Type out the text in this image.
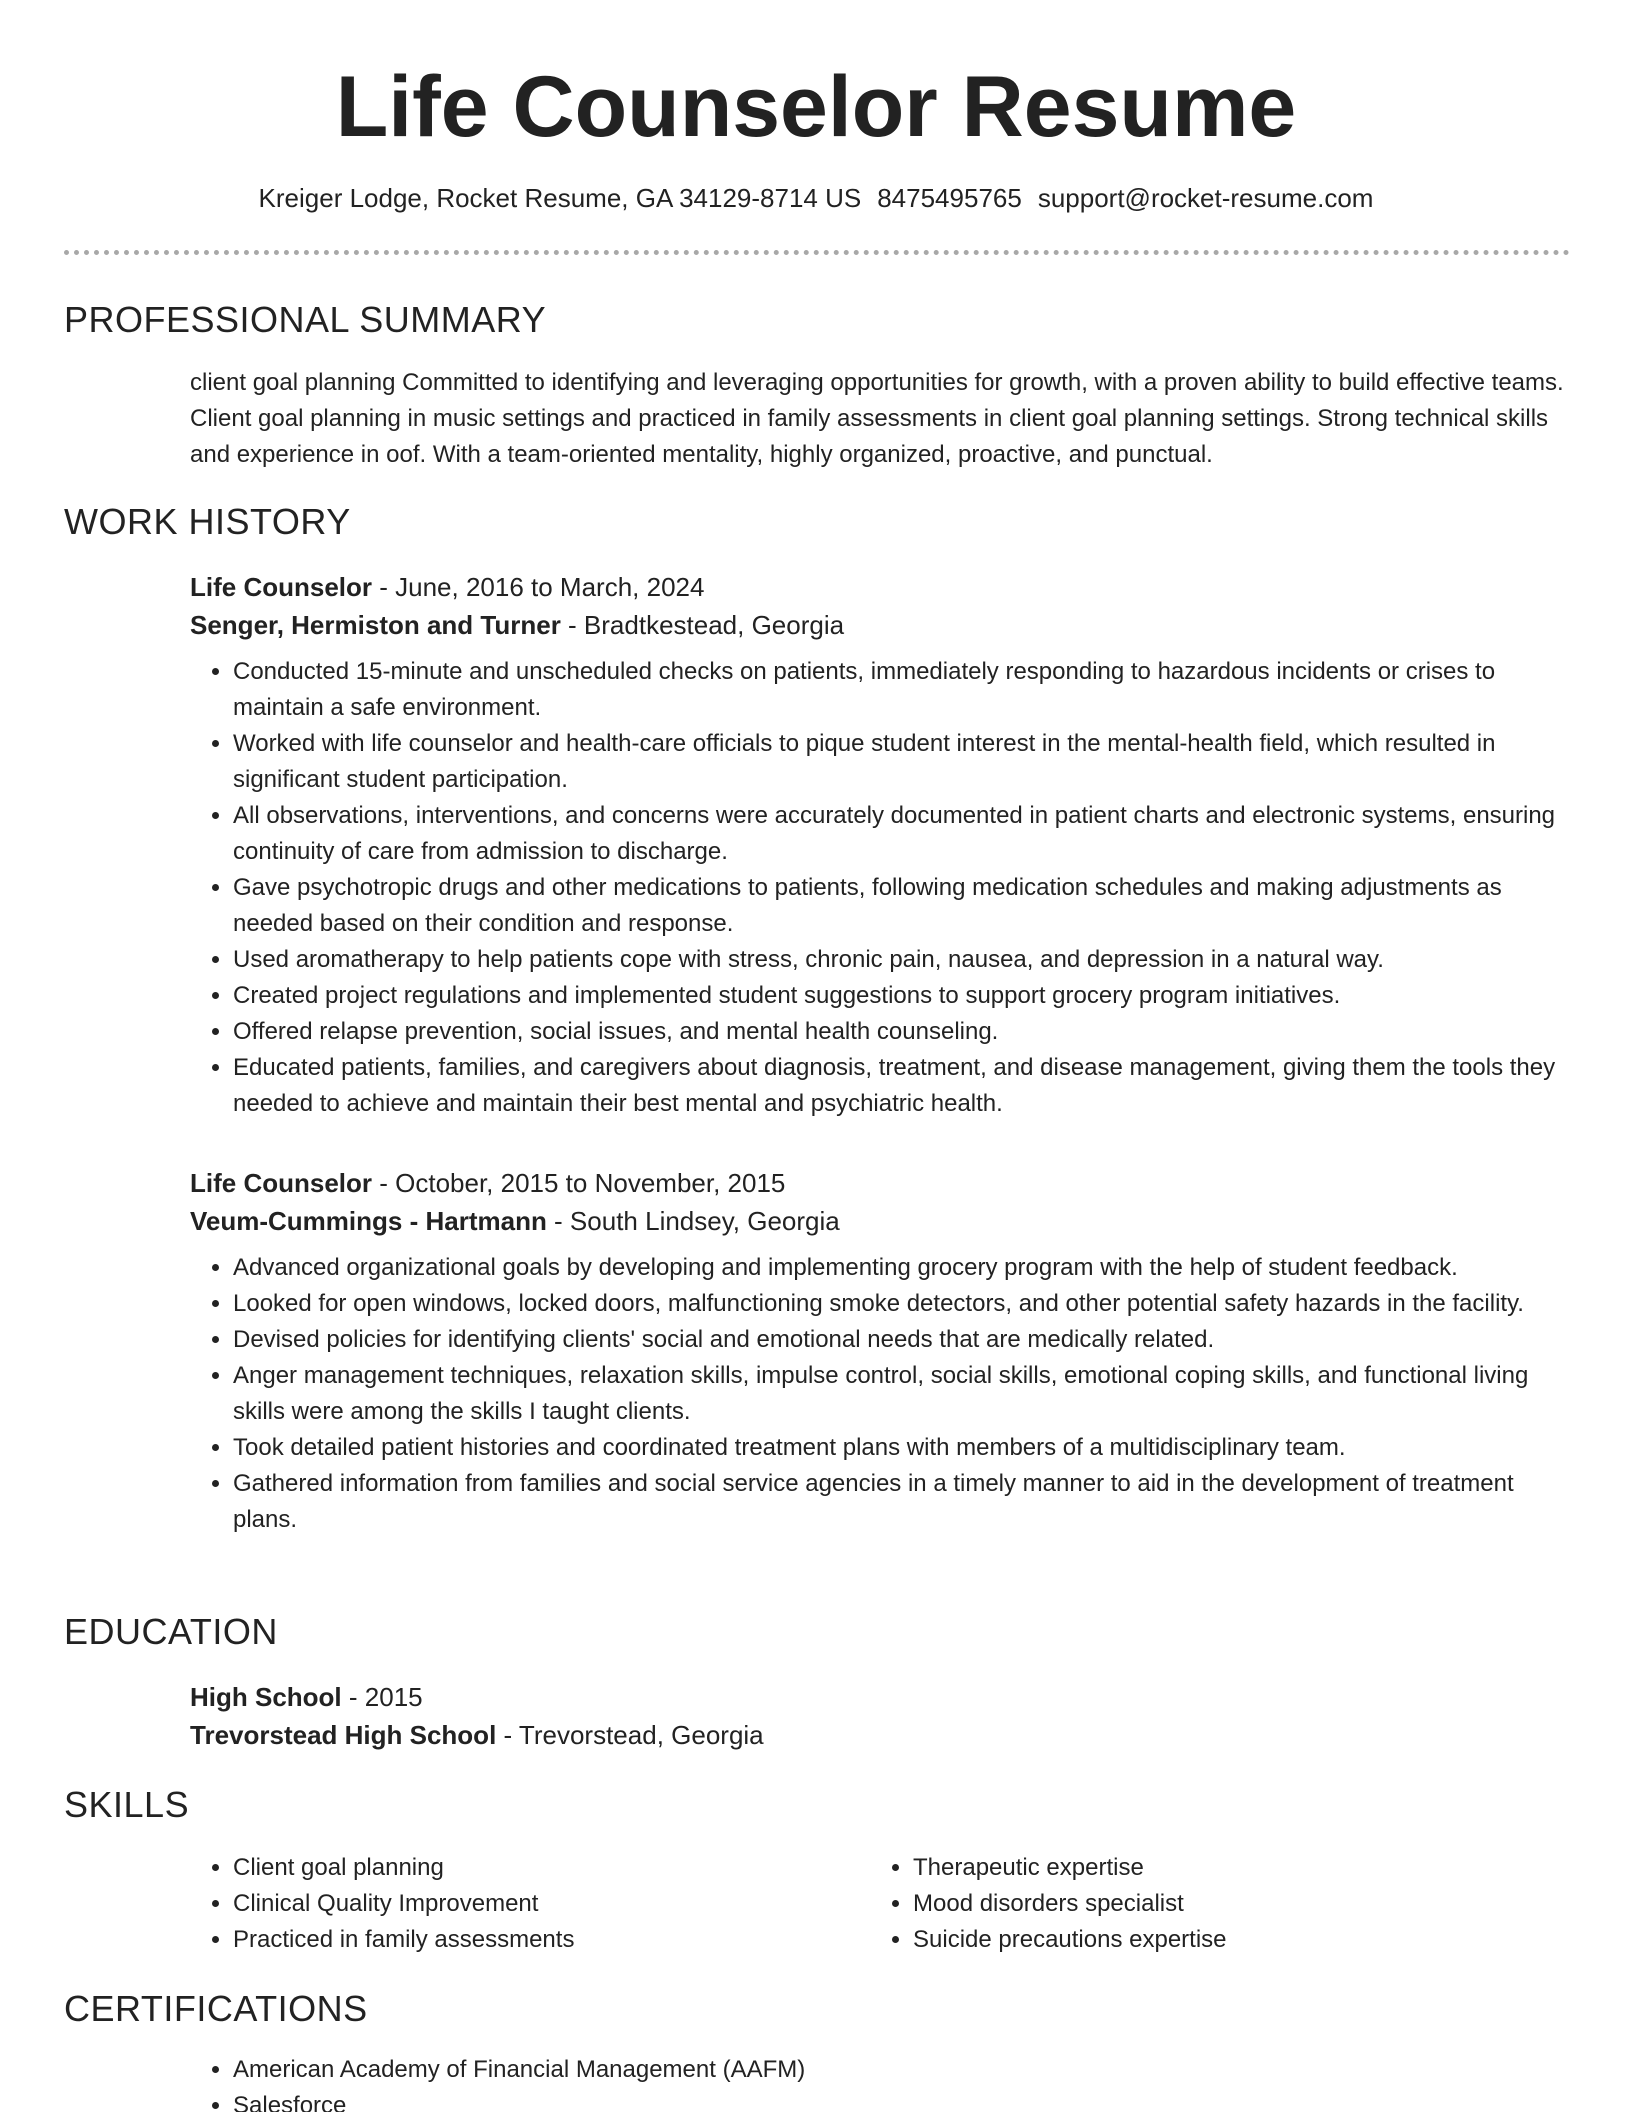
Life Counselor Resume
Kreiger Lodge, Rocket Resume, GA 34129-8714 US 8475495765 support@rocket-resume.com
PROFESSIONAL SUMMARY

client goal planning Committed to identifying and leveraging opportunities for growth, with a proven ability to build effective teams. Client goal planning in music settings and practiced in family assessments in client goal planning settings. Strong technical skills and experience in oof. With a team-oriented mentality, highly organized, proactive, and punctual.

WORK HISTORY

Life Counselor - June, 2016 to March, 2024

Senger, Hermiston and Turner - Bradtkestead, Georgia

• Conducted 15-minute and unscheduled checks on patients, immediately responding to hazardous incidents or crises to maintain a safe environment.
• Worked with life counselor and health-care officials to pique student interest in the mental-health field, which resulted in significant student participation.
• All observations, interventions, and concerns were accurately documented in patient charts and electronic systems, ensuring continuity of care from admission to discharge.
• Gave psychotropic drugs and other medications to patients, following medication schedules and making adjustments as needed based on their condition and response.
• Used aromatherapy to help patients cope with stress, chronic pain, nausea, and depression in a natural way.
• Created project regulations and implemented student suggestions to support grocery program initiatives.
• Offered relapse prevention, social issues, and mental health counseling.
• Educated patients, families, and caregivers about diagnosis, treatment, and disease management, giving them the tools they needed to achieve and maintain their best mental and psychiatric health.

Life Counselor - October, 2015 to November, 2015

Veum-Cummings - Hartmann - South Lindsey, Georgia

• Advanced organizational goals by developing and implementing grocery program with the help of student feedback.
• Looked for open windows, locked doors, malfunctioning smoke detectors, and other potential safety hazards in the facility.
• Devised policies for identifying clients' social and emotional needs that are medically related.
• Anger management techniques, relaxation skills, impulse control, social skills, emotional coping skills, and functional living skills were among the skills I taught clients.
• Took detailed patient histories and coordinated treatment plans with members of a multidisciplinary team.
• Gathered information from families and social service agencies in a timely manner to aid in the development of treatment plans.
EDUCATION

High School - 2015

Trevorstead High School - Trevorstead, Georgia

SKILLS
• Client goal planning
• Clinical Quality Improvement
• Practiced in family assessments
• Therapeutic expertise
• Mood disorders specialist
• Suicide precautions expertise
CERTIFICATIONS
• American Academy of Financial Management (AAFM)
• Salesforce
